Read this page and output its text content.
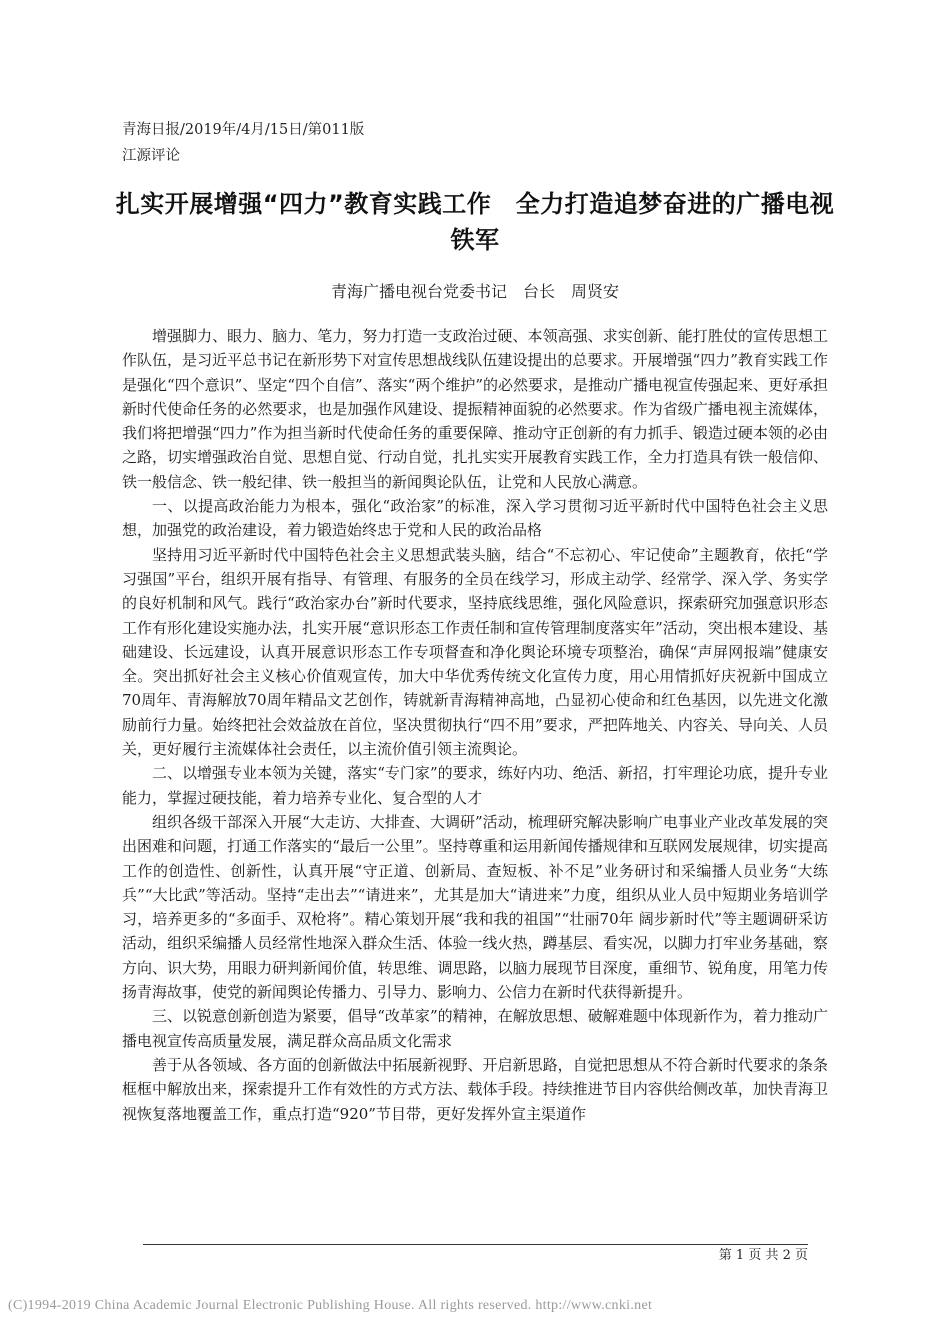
青海日报/2019年/4月/15日/第011版
江源评论
扎实开展增强“四力”教育实践工作　全力打造追梦奋进的广播电视铁军
青海广播电视台党委书记　台长　周贤安

增强脚力、眼力、脑力、笔力，努力打造一支政治过硬、本领高强、求实创新、能打胜仗的宣传思想工作队伍，是习近平总书记在新形势下对宣传思想战线队伍建设提出的总要求。开展增强“四力”教育实践工作是强化“四个意识”、坚定“四个自信”、落实“两个维护”的必然要求，是推动广播电视宣传强起来、更好承担新时代使命任务的必然要求，也是加强作风建设、提振精神面貌的必然要求。作为省级广播电视主流媒体，我们将把增强“四力”作为担当新时代使命任务的重要保障、推动守正创新的有力抓手、锻造过硬本领的必由之路，切实增强政治自觉、思想自觉、行动自觉，扎扎实实开展教育实践工作，全力打造具有铁一般信仰、铁一般信念、铁一般纪律、铁一般担当的新闻舆论队伍，让党和人民放心满意。

一、以提高政治能力为根本，强化“政治家”的标准，深入学习贯彻习近平新时代中国特色社会主义思想，加强党的政治建设，着力锻造始终忠于党和人民的政治品格

坚持用习近平新时代中国特色社会主义思想武装头脑，结合“不忘初心、牢记使命”主题教育，依托“学习强国”平台，组织开展有指导、有管理、有服务的全员在线学习，形成主动学、经常学、深入学、务实学的良好机制和风气。践行“政治家办台”新时代要求，坚持底线思维，强化风险意识，探索研究加强意识形态工作有形化建设实施办法，扎实开展“意识形态工作责任制和宣传管理制度落实年”活动，突出根本建设、基础建设、长远建设，认真开展意识形态工作专项督查和净化舆论环境专项整治，确保“声屏网报端”健康安全。突出抓好社会主义核心价值观宣传，加大中华优秀传统文化宣传力度，用心用情抓好庆祝新中国成立70周年、青海解放70周年精品文艺创作，铸就新青海精神高地，凸显初心使命和红色基因，以先进文化激励前行力量。始终把社会效益放在首位，坚决贯彻执行“四不用”要求，严把阵地关、内容关、导向关、人员关，更好履行主流媒体社会责任，以主流价值引领主流舆论。

二、以增强专业本领为关键，落实“专门家”的要求，练好内功、绝活、新招，打牢理论功底，提升专业能力，掌握过硬技能，着力培养专业化、复合型的人才

组织各级干部深入开展“大走访、大排查、大调研”活动，梳理研究解决影响广电事业产业改革发展的突出困难和问题，打通工作落实的“最后一公里”。坚持尊重和运用新闻传播规律和互联网发展规律，切实提高工作的创造性、创新性，认真开展“守正道、创新局、查短板、补不足”业务研讨和采编播人员业务“大练兵”“大比武”等活动。坚持“走出去”“请进来”，尤其是加大“请进来”力度，组织从业人员中短期业务培训学习，培养更多的“多面手、双枪将”。精心策划开展“我和我的祖国”“壮丽70年 阔步新时代”等主题调研采访活动，组织采编播人员经常性地深入群众生活、体验一线火热，蹲基层、看实况，以脚力打牢业务基础，察方向、识大势，用眼力研判新闻价值，转思维、调思路，以脑力展现节目深度，重细节、锐角度，用笔力传扬青海故事，使党的新闻舆论传播力、引导力、影响力、公信力在新时代获得新提升。

三、以锐意创新创造为紧要，倡导“改革家”的精神，在解放思想、破解难题中体现新作为，着力推动广播电视宣传高质量发展，满足群众高品质文化需求

善于从各领域、各方面的创新做法中拓展新视野、开启新思路，自觉把思想从不符合新时代要求的条条框框中解放出来，探索提升工作有效性的方式方法、载体手段。持续推进节目内容供给侧改革，加快青海卫视恢复落地覆盖工作，重点打造“920”节目带，更好发挥外宣主渠道作

第 1 页 共 2 页
(C)1994-2019 China Academic Journal Electronic Publishing House. All rights reserved. http://www.cnki.net
